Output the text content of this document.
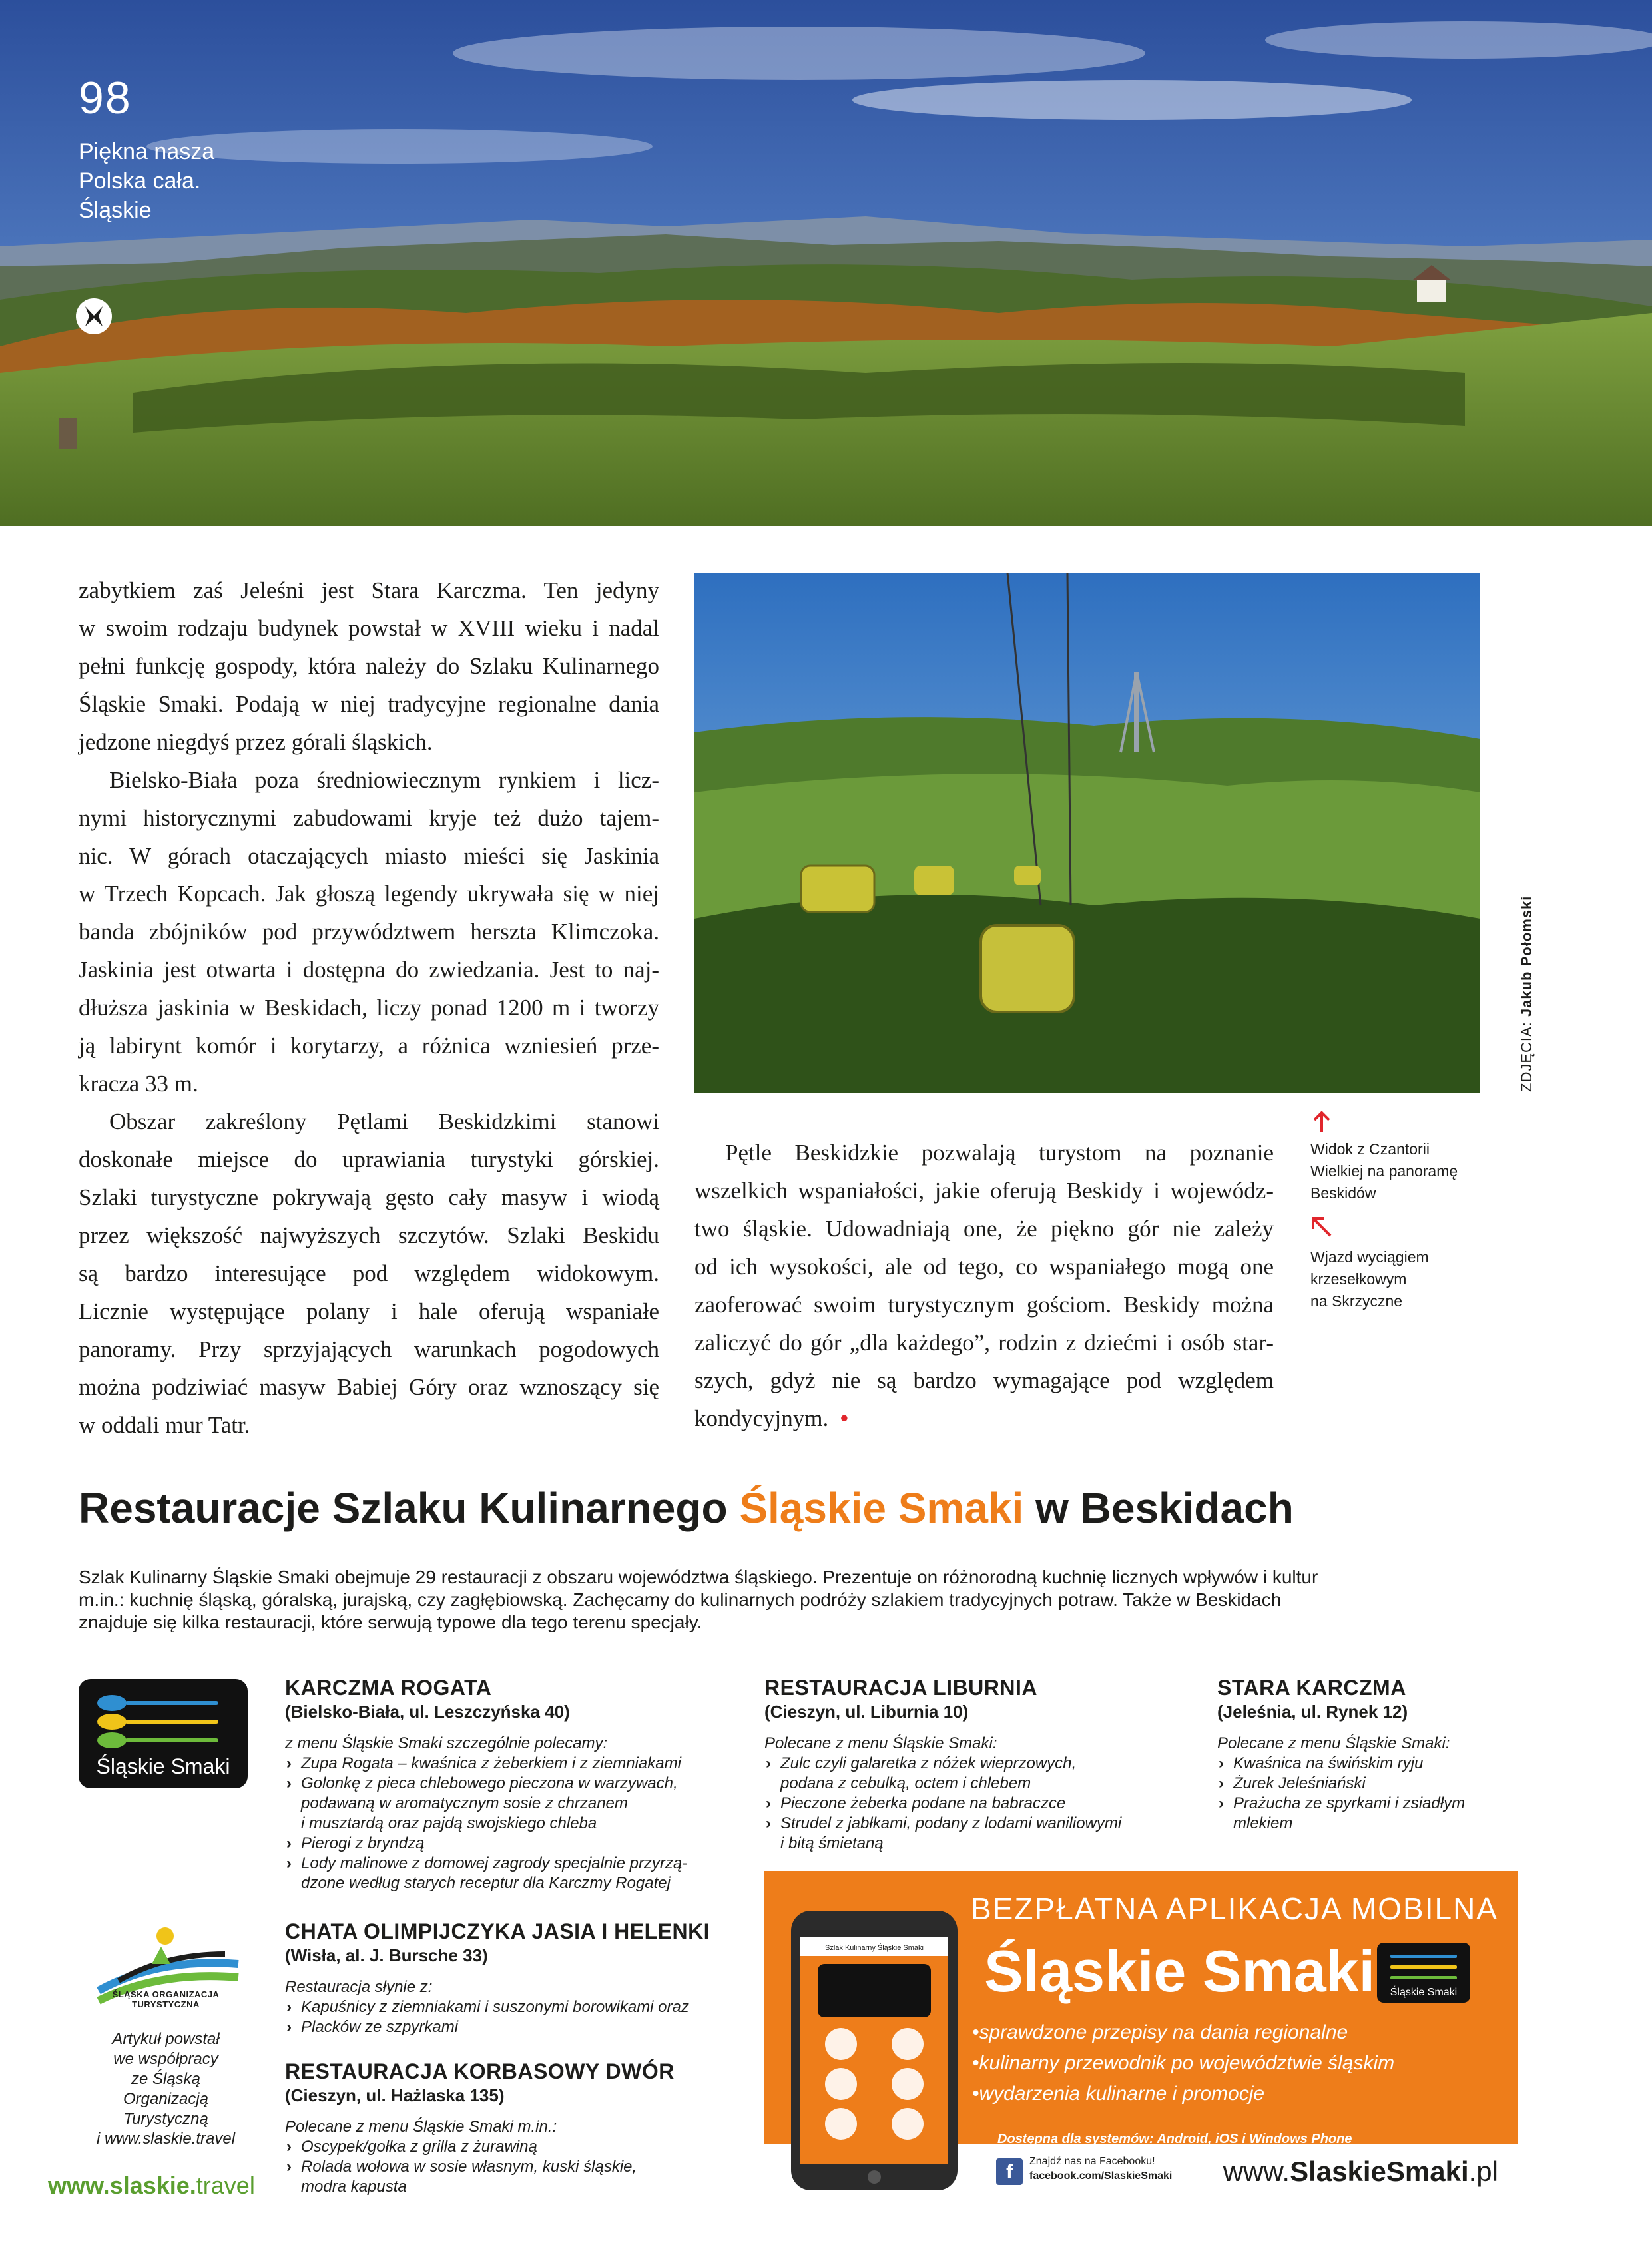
98
Piękna nasza
Polska cała.
Śląskie

zabytkiem zaś Jeleśni jest Stara Karczma. Ten jedyny
w swoim rodzaju budynek powstał w XVIII wieku i nadal
pełni funkcję gospody, która należy do Szlaku Kulinarnego
Śląskie Smaki. Podają w niej tradycyjne regionalne dania
jedzone niegdyś przez górali śląskich.

Bielsko-Biała poza średniowiecznym rynkiem i licz-
nymi historycznymi zabudowami kryje też dużo tajem-
nic. W górach otaczających miasto mieści się Jaskinia
w Trzech Kopcach. Jak głoszą legendy ukrywała się w niej
banda zbójników pod przywództwem herszta Klimczoka.
Jaskinia jest otwarta i dostępna do zwiedzania. Jest to naj-
dłuższa jaskinia w Beskidach, liczy ponad 1200 m i tworzy
ją labirynt komór i korytarzy, a różnica wzniesień prze-
kracza 33 m.

Obszar zakreślony Pętlami Beskidzkimi stanowi
doskonałe miejsce do uprawiania turystyki górskiej.
Szlaki turystyczne pokrywają gęsto cały masyw i wiodą
przez większość najwyższych szczytów. Szlaki Beskidu
są bardzo interesujące pod względem widokowym.
Licznie występujące polany i hale oferują wspaniałe
panoramy. Przy sprzyjających warunkach pogodowych
można podziwiać masyw Babiej Góry oraz wznoszący się
w oddali mur Tatr.

Pętle Beskidzkie pozwalają turystom na poznanie
wszelkich wspaniałości, jakie oferują Beskidy i wojewódz-
two śląskie. Udowadniają one, że piękno gór nie zależy
od ich wysokości, ale od tego, co wspaniałego mogą one
zaoferować swoim turystycznym gościom. Beskidy można
zaliczyć do gór „dla każdego”, rodzin z dziećmi i osób star-
szych, gdyż nie są bardzo wymagające pod względem
kondycyjnym. •
Widok z Czantorii
Wielkiej na panoramę
Beskidów
Wjazd wyciągiem
krzesełkowym
na Skrzyczne
ZDJĘCIA: Jakub Połomski
Restauracje Szlaku Kulinarnego Śląskie Smaki w Beskidach
Szlak Kulinarny Śląskie Smaki obejmuje 29 restauracji z obszaru województwa śląskiego. Prezentuje on różnorodną kuchnię licznych wpływów i kultur
m.in.: kuchnię śląską, góralską, jurajską, czy zagłębiowską. Zachęcamy do kulinarnych podróży szlakiem tradycyjnych potraw. Także w Beskidach
znajduje się kilka restauracji, które serwują typowe dla tego terenu specjały.
Śląskie Smaki
ŚLĄSKA ORGANIZACJA TURYSTYCZNA
Artykuł powstał
we współpracy
ze Śląską
Organizacją
Turystyczną
i www.slaskie.travel
www.slaskie.travel
KARCZMA ROGATA
(Bielsko-Biała, ul. Leszczyńska 40)
z menu Śląskie Smaki szczególnie polecamy:
› Zupa Rogata – kwaśnica z żeberkiem i z ziemniakami
› Golonkę z pieca chlebowego pieczona w warzywach,
podawaną w aromatycznym sosie z chrzanem
i musztardą oraz pajdą swojskiego chleba
› Pierogi z bryndzą
› Lody malinowe z domowej zagrody specjalnie przyrzą-
dzone według starych receptur dla Karczmy Rogatej
CHATA OLIMPIJCZYKA JASIA I HELENKI
(Wisła, al. J. Bursche 33)
Restauracja słynie z:
› Kapuśnicy z ziemniakami i suszonymi borowikami oraz
› Placków ze szpyrkami
RESTAURACJA KORBASOWY DWÓR
(Cieszyn, ul. Hażlaska 135)
Polecane z menu Śląskie Smaki m.in.:
› Oscypek/gołka z grilla z żurawiną
› Rolada wołowa w sosie własnym, kuski śląskie,
modra kapusta
RESTAURACJA LIBURNIA
(Cieszyn, ul. Liburnia 10)
Polecane z menu Śląskie Smaki:
› Zulc czyli galaretka z nóżek wieprzowych,
podana z cebulką, octem i chlebem
› Pieczone żeberka podane na babraczce
› Strudel z jabłkami, podany z lodami waniliowymi
i bitą śmietaną
STARA KARCZMA
(Jeleśnia, ul. Rynek 12)
Polecane z menu Śląskie Smaki:
› Kwaśnica na świńskim ryju
› Żurek Jeleśniański
› Prażucha ze spyrkami i zsiadłym
mlekiem
Szlak Kulinarny Śląskie Smaki
BEZPŁATNA APLIKACJA MOBILNA
Śląskie Smaki	Śląskie Smaki
•sprawdzone przepisy na dania regionalne
•kulinarny przewodnik po województwie śląskim
•wydarzenia kulinarne i promocje
Dostępna dla systemów: Android, iOS i Windows Phone
f	Znajdź nas na Facebooku!
facebook.com/SlaskieSmaki www.SlaskieSmaki.pl
